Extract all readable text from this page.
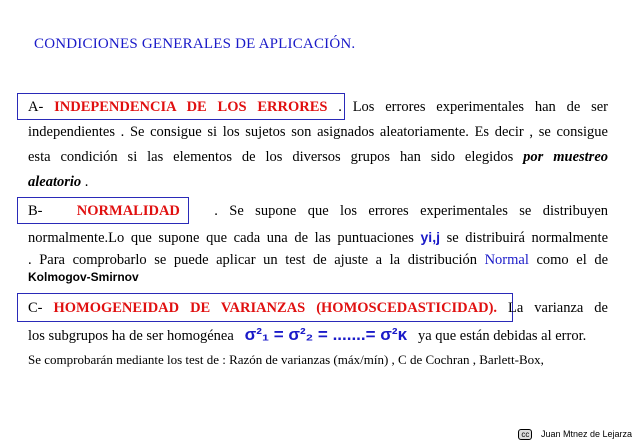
CONDICIONES GENERALES DE APLICACIÓN.
A- INDEPENDENCIA DE LOS ERRORES . Los errores experimentales han de ser
independientes . Se consigue si los sujetos son asignados aleatoriamente. Es decir , se consigue
esta condición si las elementos de los diversos grupos han sido elegidos por muestreo
aleatorio .
B- NORMALIDAD . Se supone que los errores experimentales se distribuyen
normalmente.Lo que supone que cada una de las puntuaciones yi,j se distribuirá normalmente
. Para comprobarlo se puede aplicar un test de ajuste a la distribución Normal como el de
Kolmogov-Smirnov
C- HOMOGENEIDAD DE VARIANZAS (HOMOSCEDASTICIDAD). La varianza de
los subgrupos ha de ser homogénea σ²₁ = σ²₂ = .......= σ²κ ya que están debidas al error.
Se comprobarán mediante los test de : Razón de varianzas (máx/mín) , C de Cochran , Barlett-Box,
cc Juan Mtnez de Lejarza
